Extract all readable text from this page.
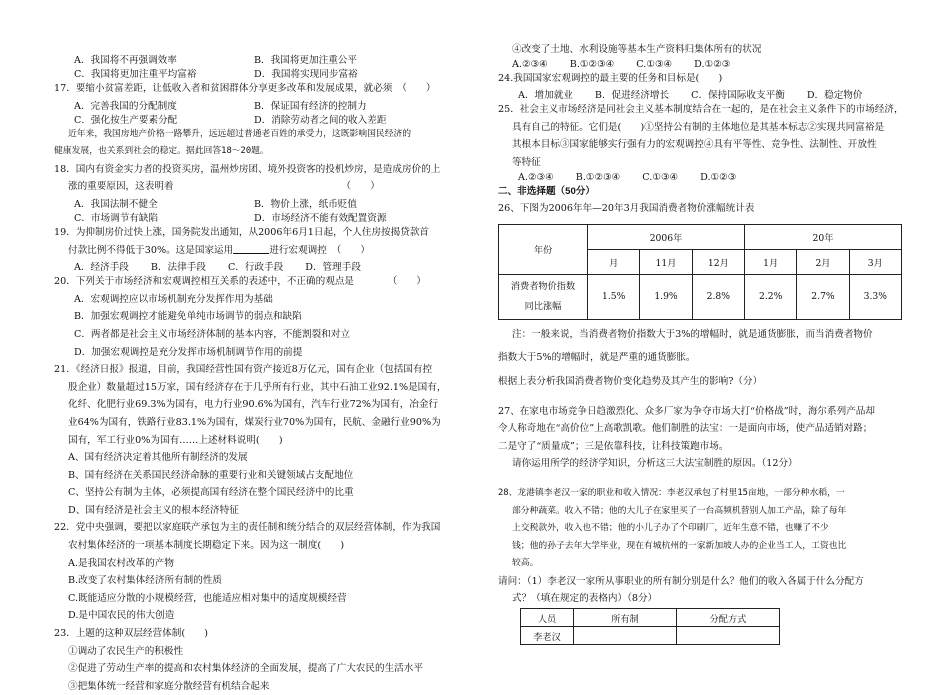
A．我国将不再强调效率	B．我国将更加注重公平
C．我国将更加注重平均富裕	D．我国将实现同步富裕

17．要缩小贫富差距，让低收入者和贫困群体分享更多改革和发展成果，就必须　（　　）

A．完善我国的分配制度	B．保证国有经济的控制力
C．强化按生产要素分配	D．消除劳动者之间的收入差距

近年来，我国房地产价格一路攀升，远远超过普通老百姓的承受力，这既影响国民经济的

健康发展，也关系到社会的稳定。据此回答18～20题。

18．国内有资金实力者的投资买房，温州炒房团、境外投资客的投机炒房，是造成房价的上

涨的重要原因，这表明着　　　　　　　　　　　　　　　　　　（　　）

A．我国法制不健全	B．物价上涨，纸币贬值
C．市场调节有缺陷	D．市场经济不能有效配置资源

19．为抑制房价过快上涨，国务院发出通知，从2006年6月1日起，个人住房按揭贷款首

付款比例不得低于30%。这是国家运用	进行宏观调控　（　　）

A．经济手段 B．法律手段 C．行政手段 D．管理手段

20．下列关于市场经济和宏观调控相互关系的表述中，不正确的观点是　　　　（　　）

A．宏观调控应以市场机制充分发挥作用为基础

B．加强宏观调控才能避免单纯市场调节的弱点和缺陷

C．两者都是社会主义市场经济体制的基本内容，不能割裂和对立

D．加强宏观调控是充分发挥市场机制调节作用的前提

21．《经济日报》报道，目前，我国经营性国有资产接近8万亿元，国有企业（包括国有控

股企业）数量超过15万家，国有经济存在于几乎所有行业，其中石油工业92.1%是国有，

化纤、化肥行业69.3%为国有，电力行业90.6%为国有，汽车行业72%为国有，冶金行

业64%为国有，铁路行业83.1%为国有，煤炭行业70%为国有，民航、金融行业90%为

国有，军工行业0%为国有……上述材料说明(　　)

A、国有经济决定着其他所有制经济的发展

B、国有经济在关系国民经济命脉的重要行业和关键领域占支配地位

C、坚持公有制为主体，必须提高国有经济在整个国民经济中的比重

D、国有经济是社会主义的根本经济特征

22．党中央强调，要把以家庭联产承包为主的责任制和统分结合的双层经营体制，作为我国

农村集体经济的一项基本制度长期稳定下来。因为这一制度(　　)

A.是我国农村改革的产物

B.改变了农村集体经济所有制的性质

C.既能适应分散的小规模经营，也能适应相对集中的适度规模经营

D.是中国农民的伟大创造

23．上题的这种双层经营体制(　　)

①调动了农民生产的积极性

②促进了劳动生产率的提高和农村集体经济的全面发展，提高了广大农民的生活水平

③把集体统一经营和家庭分散经营有机结合起来

④改变了土地、水利设施等基本生产资料归集体所有的状况

A.②③④ B.①②③④ C.①③④ D.①②③

24.我国国家宏观调控的最主要的任务和目标是(　　)

A．增加就业 B．促进经济增长 C．保持国际收支平衡 D．稳定物价

25．社会主义市场经济是同社会主义基本制度结合在一起的，是在社会主义条件下的市场经济，

具有自己的特征。它们是(　　)①坚持公有制的主体地位是其基本标志②实现共同富裕是

其根本目标③国家能够实行强有力的宏观调控④具有平等性、竞争性、法制性、开放性

等特征

A.②③④ B.①②③④ C.①③④ D.①②③

二、非选择题（50分）

26、下图为2006年年—20年3月我国消费者物价涨幅统计表

年份	2006年			20年		
	月	11月	12月	1月	2月	3月

消费者物价指数
同比涨幅	1.5%	1.9%	2.8%	2.2%	2.7%	3.3%

注：一般来说，当消费者物价指数大于3%的增幅时，就是通货膨胀，而当消费者物价

指数大于5%的增幅时，就是严重的通货膨胀。

根据上表分析我国消费者物价变化趋势及其产生的影响?（分）

27、在家电市场竞争日趋激烈化、众多厂家为争夺市场大打“价格战”时，海尔系列产品却

令人称奇地在“高价位”上高歌凯歌。他们制胜的法宝：一是面向市场，使产品适销对路；

二是守了“质量成”；三是依靠科技，让科技策跑市场。

请你运用所学的经济学知识，分析这三大法宝制胜的原因。（12分）

28、龙港镇李老汉一家的职业和收入情况：李老汉承包了村里15亩地，一部分种水稻，一

部分种蔬菜。收入不错；他的大儿子在家里买了一台高频机替别人加工产品，除了每年

上交税款外，收入也不错；他的小儿子办了个印刷厂，近年生意不错，也赚了不少

钱；他的孙子去年大学毕业，现在有城杭州的一家新加坡人办的企业当工人，工资也比

较高。

请问：（1）李老汉一家所从事职业的所有制分别是什么？他们的收入各属于什么分配方

式？（填在规定的表格内）（8分）

人员	所有制	分配方式
李老汉		
